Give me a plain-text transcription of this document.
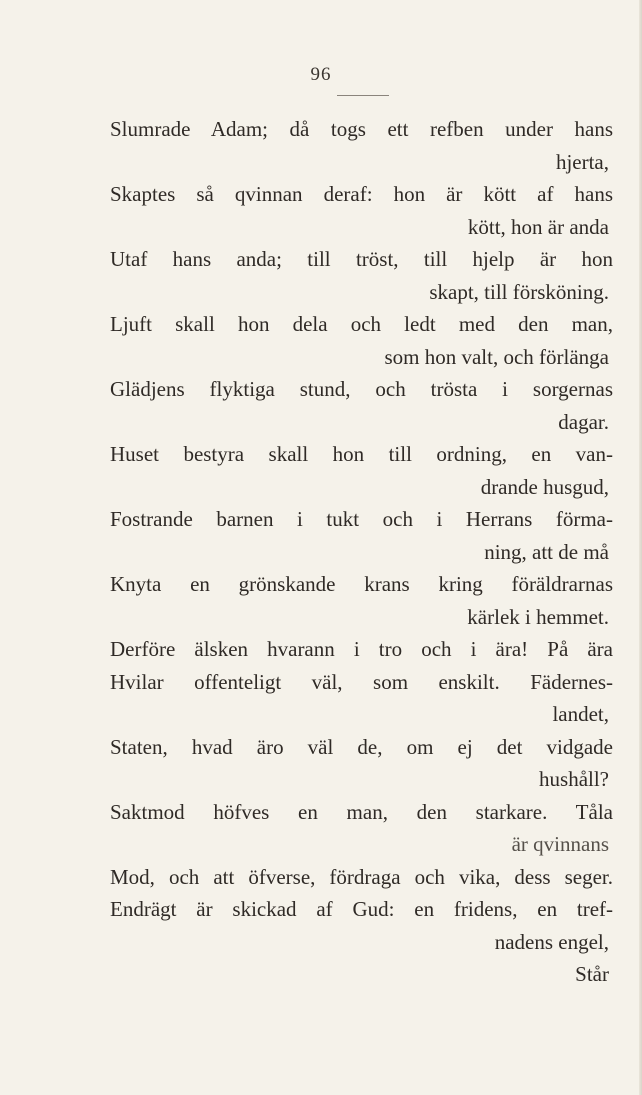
96
Slumrade Adam; då togs ett refben under hans
hjerta,
Skaptes så qvinnan deraf: hon är kött af hans
kött, hon är anda
Utaf hans anda; till tröst, till hjelp är hon
skapt, till försköning.
Ljuft skall hon dela och ledt med den man,
som hon valt, och förlänga
Glädjens flyktiga stund, och trösta i sorgernas
dagar.
Huset bestyra skall hon till ordning, en van-
drande husgud,
Fostrande barnen i tukt och i Herrans förma-
ning, att de må
Knyta en grönskande krans kring föräldrarnas
kärlek i hemmet.
Derföre älsken hvarann i tro och i ära! På ära
Hvilar offenteligt väl, som enskilt. Fädernes-
landet,
Staten, hvad äro väl de, om ej det vidgade
hushåll?
Saktmod höfves en man, den starkare. Tåla
är qvinnans
Mod, och att öfverse, fördraga och vika, dess seger.
Endrägt är skickad af Gud: en fridens, en tref-
nadens engel,
Står
